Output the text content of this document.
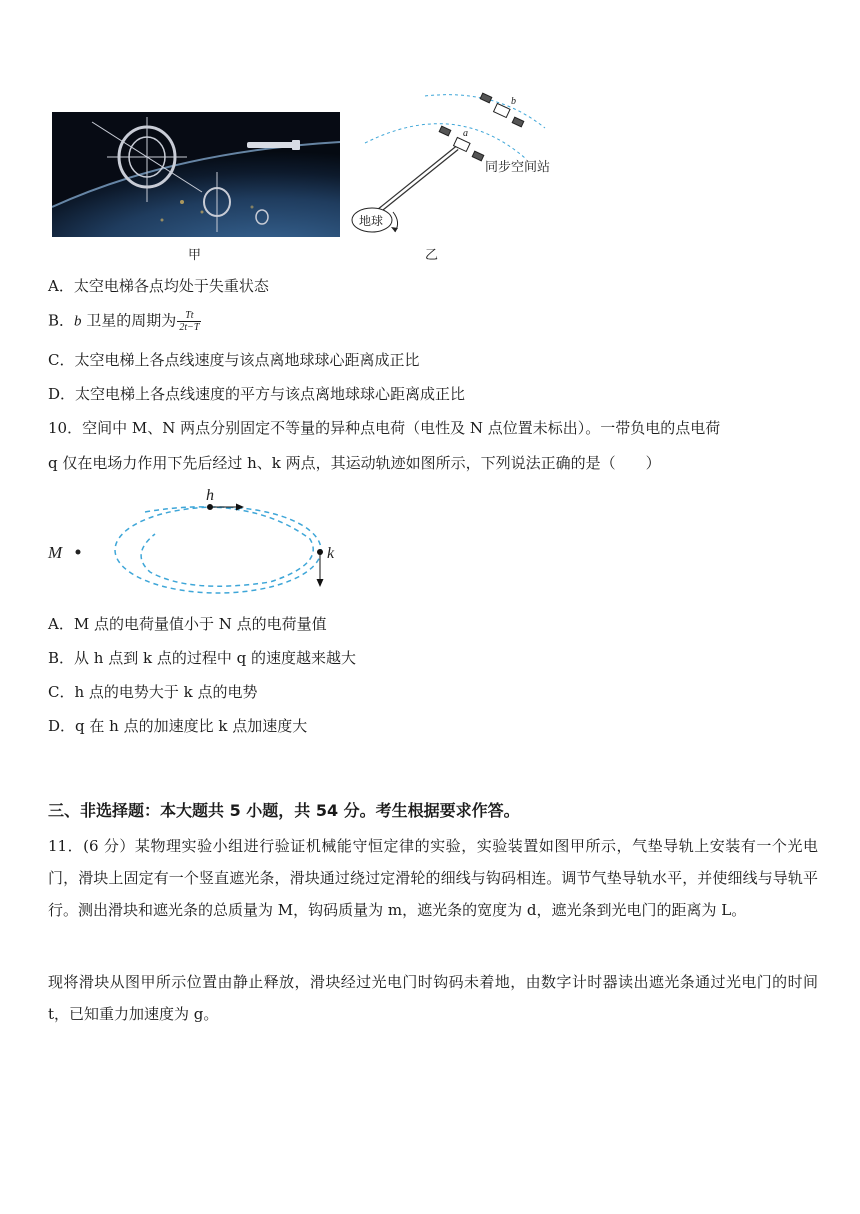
甲
a
b
同步空间站
地球
乙
A．太空电梯各点均处于失重状态
B．b 卫星的周期为 $\frac{Tt}{2t-T}$
C．太空电梯上各点线速度与该点离地球球心距离成正比
D．太空电梯上各点线速度的平方与该点离地球球心距离成正比
10．空间中 M、N 两点分别固定不等量的异种点电荷（电性及 N 点位置未标出）。一带负电的点电荷
q 仅在电场力作用下先后经过 h、k 两点，其运动轨迹如图所示，下列说法正确的是（　　）
M
h
k
A．M 点的电荷量值小于 N 点的电荷量值
B．从 h 点到 k 点的过程中 q 的速度越来越大
C．h 点的电势大于 k 点的电势
D．q 在 h 点的加速度比 k 点加速度大
三、非选择题：本大题共 5 小题，共 54 分。考生根据要求作答。
11．(6 分）某物理实验小组进行验证机械能守恒定律的实验，实验装置如图甲所示，气垫导轨上安装有一个光电门，滑块上固定有一个竖直遮光条，滑块通过绕过定滑轮的细线与钩码相连。调节气垫导轨水平，并使细线与导轨平行。测出滑块和遮光条的总质量为 M，钩码质量为 m，遮光条的宽度为 d，遮光条到光电门的距离为 L。
现将滑块从图甲所示位置由静止释放，滑块经过光电门时钩码未着地，由数字计时器读出遮光条通过光电门的时间 t，已知重力加速度为 g。
